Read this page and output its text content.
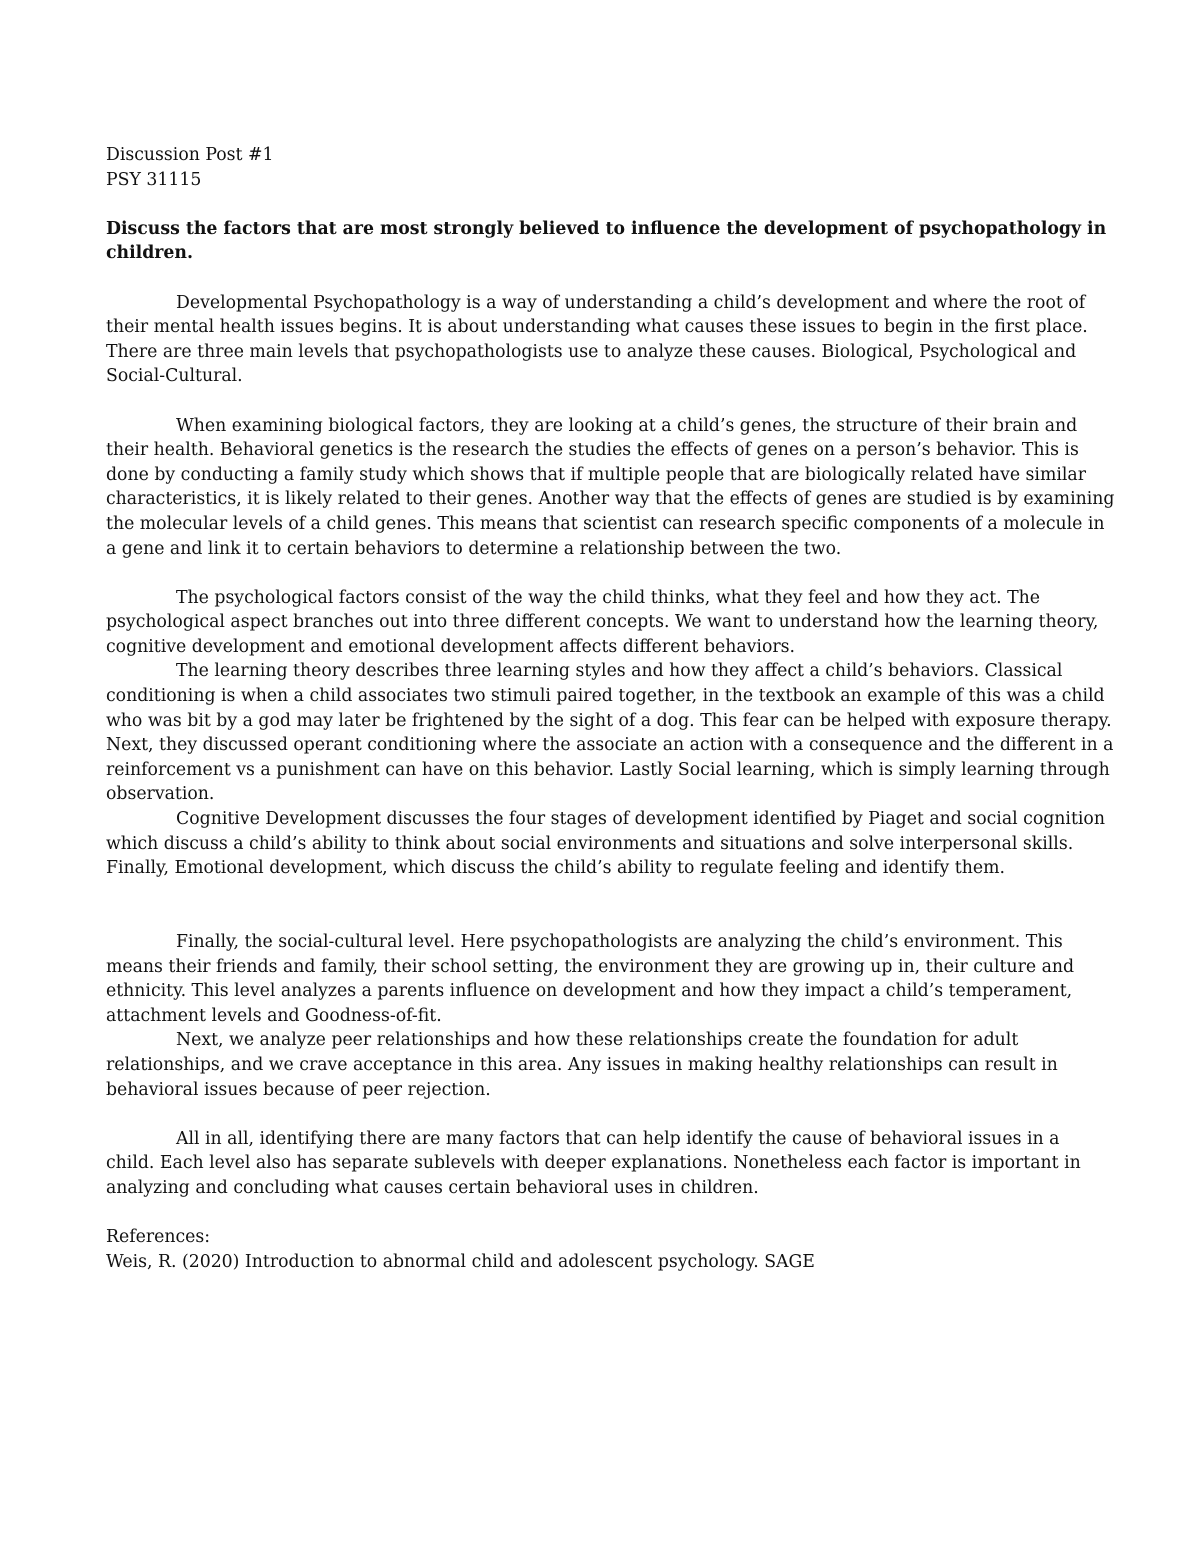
Discussion Post #1
PSY 31115
Discuss the factors that are most strongly believed to influence the development of psychopathology in
children.
Developmental Psychopathology is a way of understanding a child’s development and where the root of
their mental health issues begins. It is about understanding what causes these issues to begin in the first place.
There are three main levels that psychopathologists use to analyze these causes. Biological, Psychological and
Social-Cultural.
When examining biological factors, they are looking at a child’s genes, the structure of their brain and
their health. Behavioral genetics is the research the studies the effects of genes on a person’s behavior. This is
done by conducting a family study which shows that if multiple people that are biologically related have similar
characteristics, it is likely related to their genes. Another way that the effects of genes are studied is by examining
the molecular levels of a child genes. This means that scientist can research specific components of a molecule in
a gene and link it to certain behaviors to determine a relationship between the two.
The psychological factors consist of the way the child thinks, what they feel and how they act. The
psychological aspect branches out into three different concepts. We want to understand how the learning theory,
cognitive development and emotional development affects different behaviors.
The learning theory describes three learning styles and how they affect a child’s behaviors. Classical
conditioning is when a child associates two stimuli paired together, in the textbook an example of this was a child
who was bit by a god may later be frightened by the sight of a dog. This fear can be helped with exposure therapy.
Next, they discussed operant conditioning where the associate an action with a consequence and the different in a
reinforcement vs a punishment can have on this behavior. Lastly Social learning, which is simply learning through
observation.
Cognitive Development discusses the four stages of development identified by Piaget and social cognition
which discuss a child’s ability to think about social environments and situations and solve interpersonal skills.
Finally, Emotional development, which discuss the child’s ability to regulate feeling and identify them.
Finally, the social-cultural level. Here psychopathologists are analyzing the child’s environment. This
means their friends and family, their school setting, the environment they are growing up in, their culture and
ethnicity. This level analyzes a parents influence on development and how they impact a child’s temperament,
attachment levels and Goodness-of-fit.
Next, we analyze peer relationships and how these relationships create the foundation for adult
relationships, and we crave acceptance in this area. Any issues in making healthy relationships can result in
behavioral issues because of peer rejection.
All in all, identifying there are many factors that can help identify the cause of behavioral issues in a
child. Each level also has separate sublevels with deeper explanations. Nonetheless each factor is important in
analyzing and concluding what causes certain behavioral uses in children.
References:
Weis, R. (2020) Introduction to abnormal child and adolescent psychology. SAGE
